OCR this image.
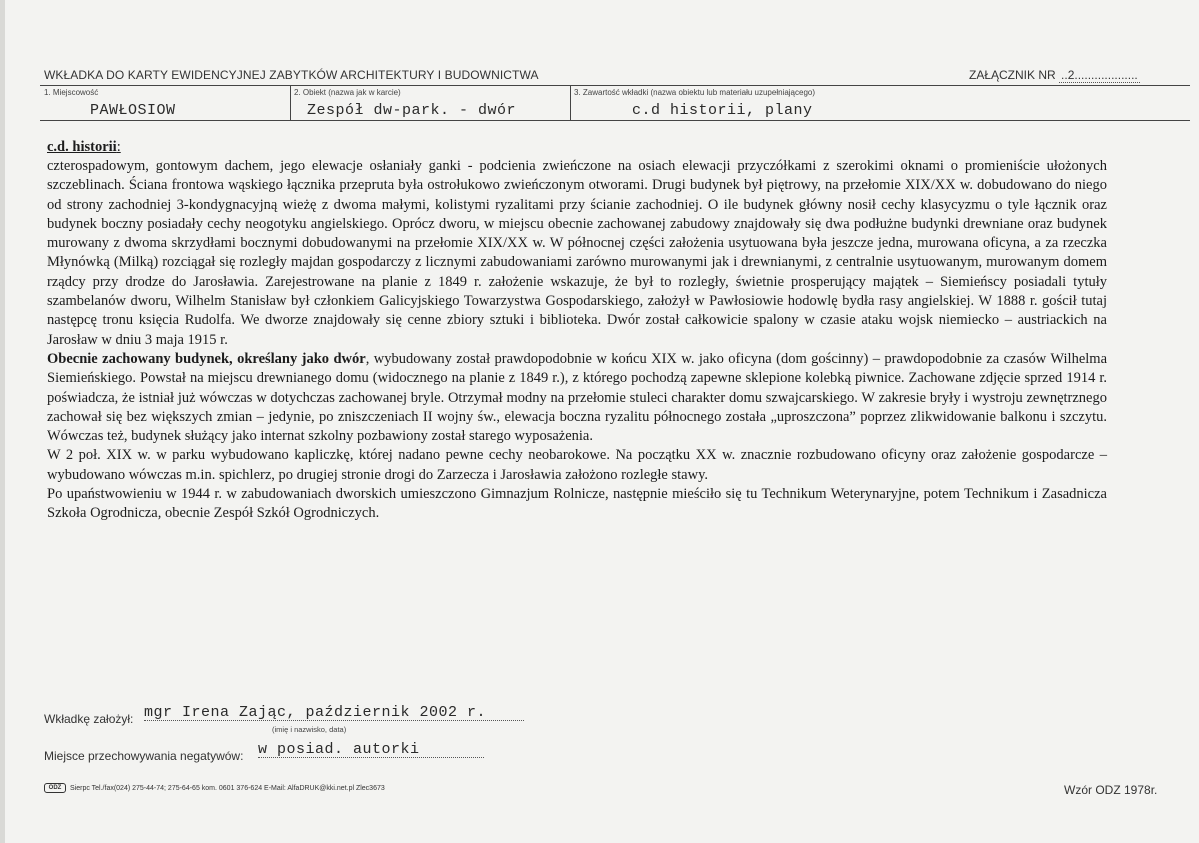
WKŁADKA DO KARTY EWIDENCYJNEJ ZABYTKÓW ARCHITEKTURY I BUDOWNICTWA	ZAŁĄCZNIK NR ..2...................
1. Miejscowość
PAWŁOSIOW
2. Obiekt (nazwa jak w karcie)
Zespół dw-park. - dwór
3. Zawartość wkładki (nazwa obiektu lub materiału uzupełniającego)
c.d historii, plany
c.d. historii:

czterospadowym, gontowym dachem, jego elewacje osłaniały ganki - podcienia zwieńczone na osiach elewacji przyczółkami z szerokimi oknami o promieniście ułożonych szczeblinach. Ściana frontowa wąskiego łącznika przepruta była ostrołukowo zwieńczonym otworami. Drugi budynek był piętrowy, na przełomie XIX/XX w. dobudowano do niego od strony zachodniej 3-kondygnacyjną wieżę z dwoma małymi, kolistymi ryzalitami przy ścianie zachodniej. O ile budynek główny nosił cechy klasycyzmu o tyle łącznik oraz budynek boczny posiadały cechy neogotyku angielskiego. Oprócz dworu, w miejscu obecnie zachowanej zabudowy znajdowały się dwa podłużne budynki drewniane oraz budynek murowany z dwoma skrzydłami bocznymi dobudowanymi na przełomie XIX/XX w. W północnej części założenia usytuowana była jeszcze jedna, murowana oficyna, a za rzeczka Młynówką (Milką) rozciągał się rozległy majdan gospodarczy z licznymi zabudowaniami zarówno murowanymi jak i drewnianymi, z centralnie usytuowanym, murowanym domem rządcy przy drodze do Jarosławia. Zarejestrowane na planie z 1849 r. założenie wskazuje, że był to rozległy, świetnie prosperujący majątek – Siemieńscy posiadali tytuły szambelanów dworu, Wilhelm Stanisław był członkiem Galicyjskiego Towarzystwa Gospodarskiego, założył w Pawłosiowie hodowlę bydła rasy angielskiej. W 1888 r. gościł tutaj następcę tronu księcia Rudolfa. We dworze znajdowały się cenne zbiory sztuki i biblioteka. Dwór został całkowicie spalony w czasie ataku wojsk niemiecko – austriackich na Jarosław w dniu 3 maja 1915 r.

Obecnie zachowany budynek, określany jako dwór, wybudowany został prawdopodobnie w końcu XIX w. jako oficyna (dom gościnny) – prawdopodobnie za czasów Wilhelma Siemieńskiego. Powstał na miejscu drewnianego domu (widocznego na planie z 1849 r.), z którego pochodzą zapewne sklepione kolebką piwnice. Zachowane zdjęcie sprzed 1914 r. poświadcza, że istniał już wówczas w dotychczas zachowanej bryle. Otrzymał modny na przełomie stuleci charakter domu szwajcarskiego. W zakresie bryły i wystroju zewnętrznego zachował się bez większych zmian – jedynie, po zniszczeniach II wojny św., elewacja boczna ryzalitu północnego została „uproszczona” poprzez zlikwidowanie balkonu i szczytu. Wówczas też, budynek służący jako internat szkolny pozbawiony został starego wyposażenia.

W 2 poł. XIX w. w parku wybudowano kapliczkę, której nadano pewne cechy neobarokowe. Na początku XX w. znacznie rozbudowano oficyny oraz założenie gospodarcze – wybudowano wówczas m.in. spichlerz, po drugiej stronie drogi do Zarzecza i Jarosławia założono rozległe stawy.

Po upaństwowieniu w 1944 r. w zabudowaniach dworskich umieszczono Gimnazjum Rolnicze, następnie mieściło się tu Technikum Weterynaryjne, potem Technikum i Zasadnicza Szkoła Ogrodnicza, obecnie Zespół Szkół Ogrodniczych.

Wkładkę założył: mgr Irena Zając, październik 2002 r.
(imię i nazwisko, data)
Miejsce przechowywania negatywów: w posiad. autorki
ODZ	Sierpc Tel./fax(024) 275-44-74; 275-64-65 kom. 0601 376-624 E-Mail: AlfaDRUK@kki.net.pl Zlec3673	Wzór ODZ 1978r.
